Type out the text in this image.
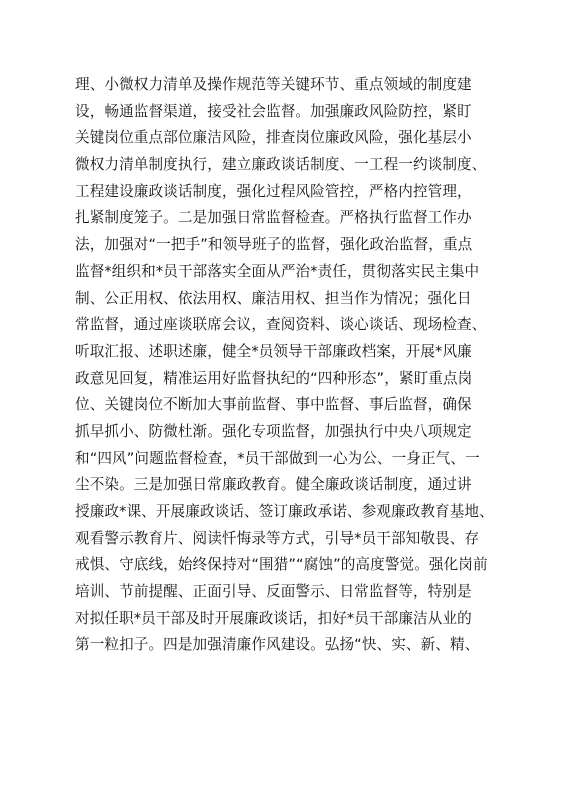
理、小微权力清单及操作规范等关键环节、重点领域的制度建
设，畅通监督渠道，接受社会监督。加强廉政风险防控，紧盯
关键岗位重点部位廉洁风险，排查岗位廉政风险，强化基层小
微权力清单制度执行，建立廉政谈话制度、一工程一约谈制度、
工程建设廉政谈话制度，强化过程风险管控，严格内控管理，
扎紧制度笼子。二是加强日常监督检查。严格执行监督工作办
法，加强对“一把手”和领导班子的监督，强化政治监督，重点
监督*组织和*员干部落实全面从严治*责任，贯彻落实民主集中
制、公正用权、依法用权、廉洁用权、担当作为情况；强化日
常监督，通过座谈联席会议，查阅资料、谈心谈话、现场检查、
听取汇报、述职述廉，健全*员领导干部廉政档案，开展*风廉
政意见回复，精准运用好监督执纪的“四种形态”，紧盯重点岗
位、关键岗位不断加大事前监督、事中监督、事后监督，确保
抓早抓小、防微杜渐。强化专项监督，加强执行中央八项规定
和“四风”问题监督检查，*员干部做到一心为公、一身正气、一
尘不染。三是加强日常廉政教育。健全廉政谈话制度，通过讲
授廉政*课、开展廉政谈话、签订廉政承诺、参观廉政教育基地、
观看警示教育片、阅读忏悔录等方式，引导*员干部知敬畏、存
戒惧、守底线，始终保持对“围猎”“腐蚀”的高度警觉。强化岗前
培训、节前提醒、正面引导、反面警示、日常监督等，特别是
对拟任职*员干部及时开展廉政谈话，扣好*员干部廉洁从业的
第一粒扣子。四是加强清廉作风建设。弘扬“快、实、新、精、
